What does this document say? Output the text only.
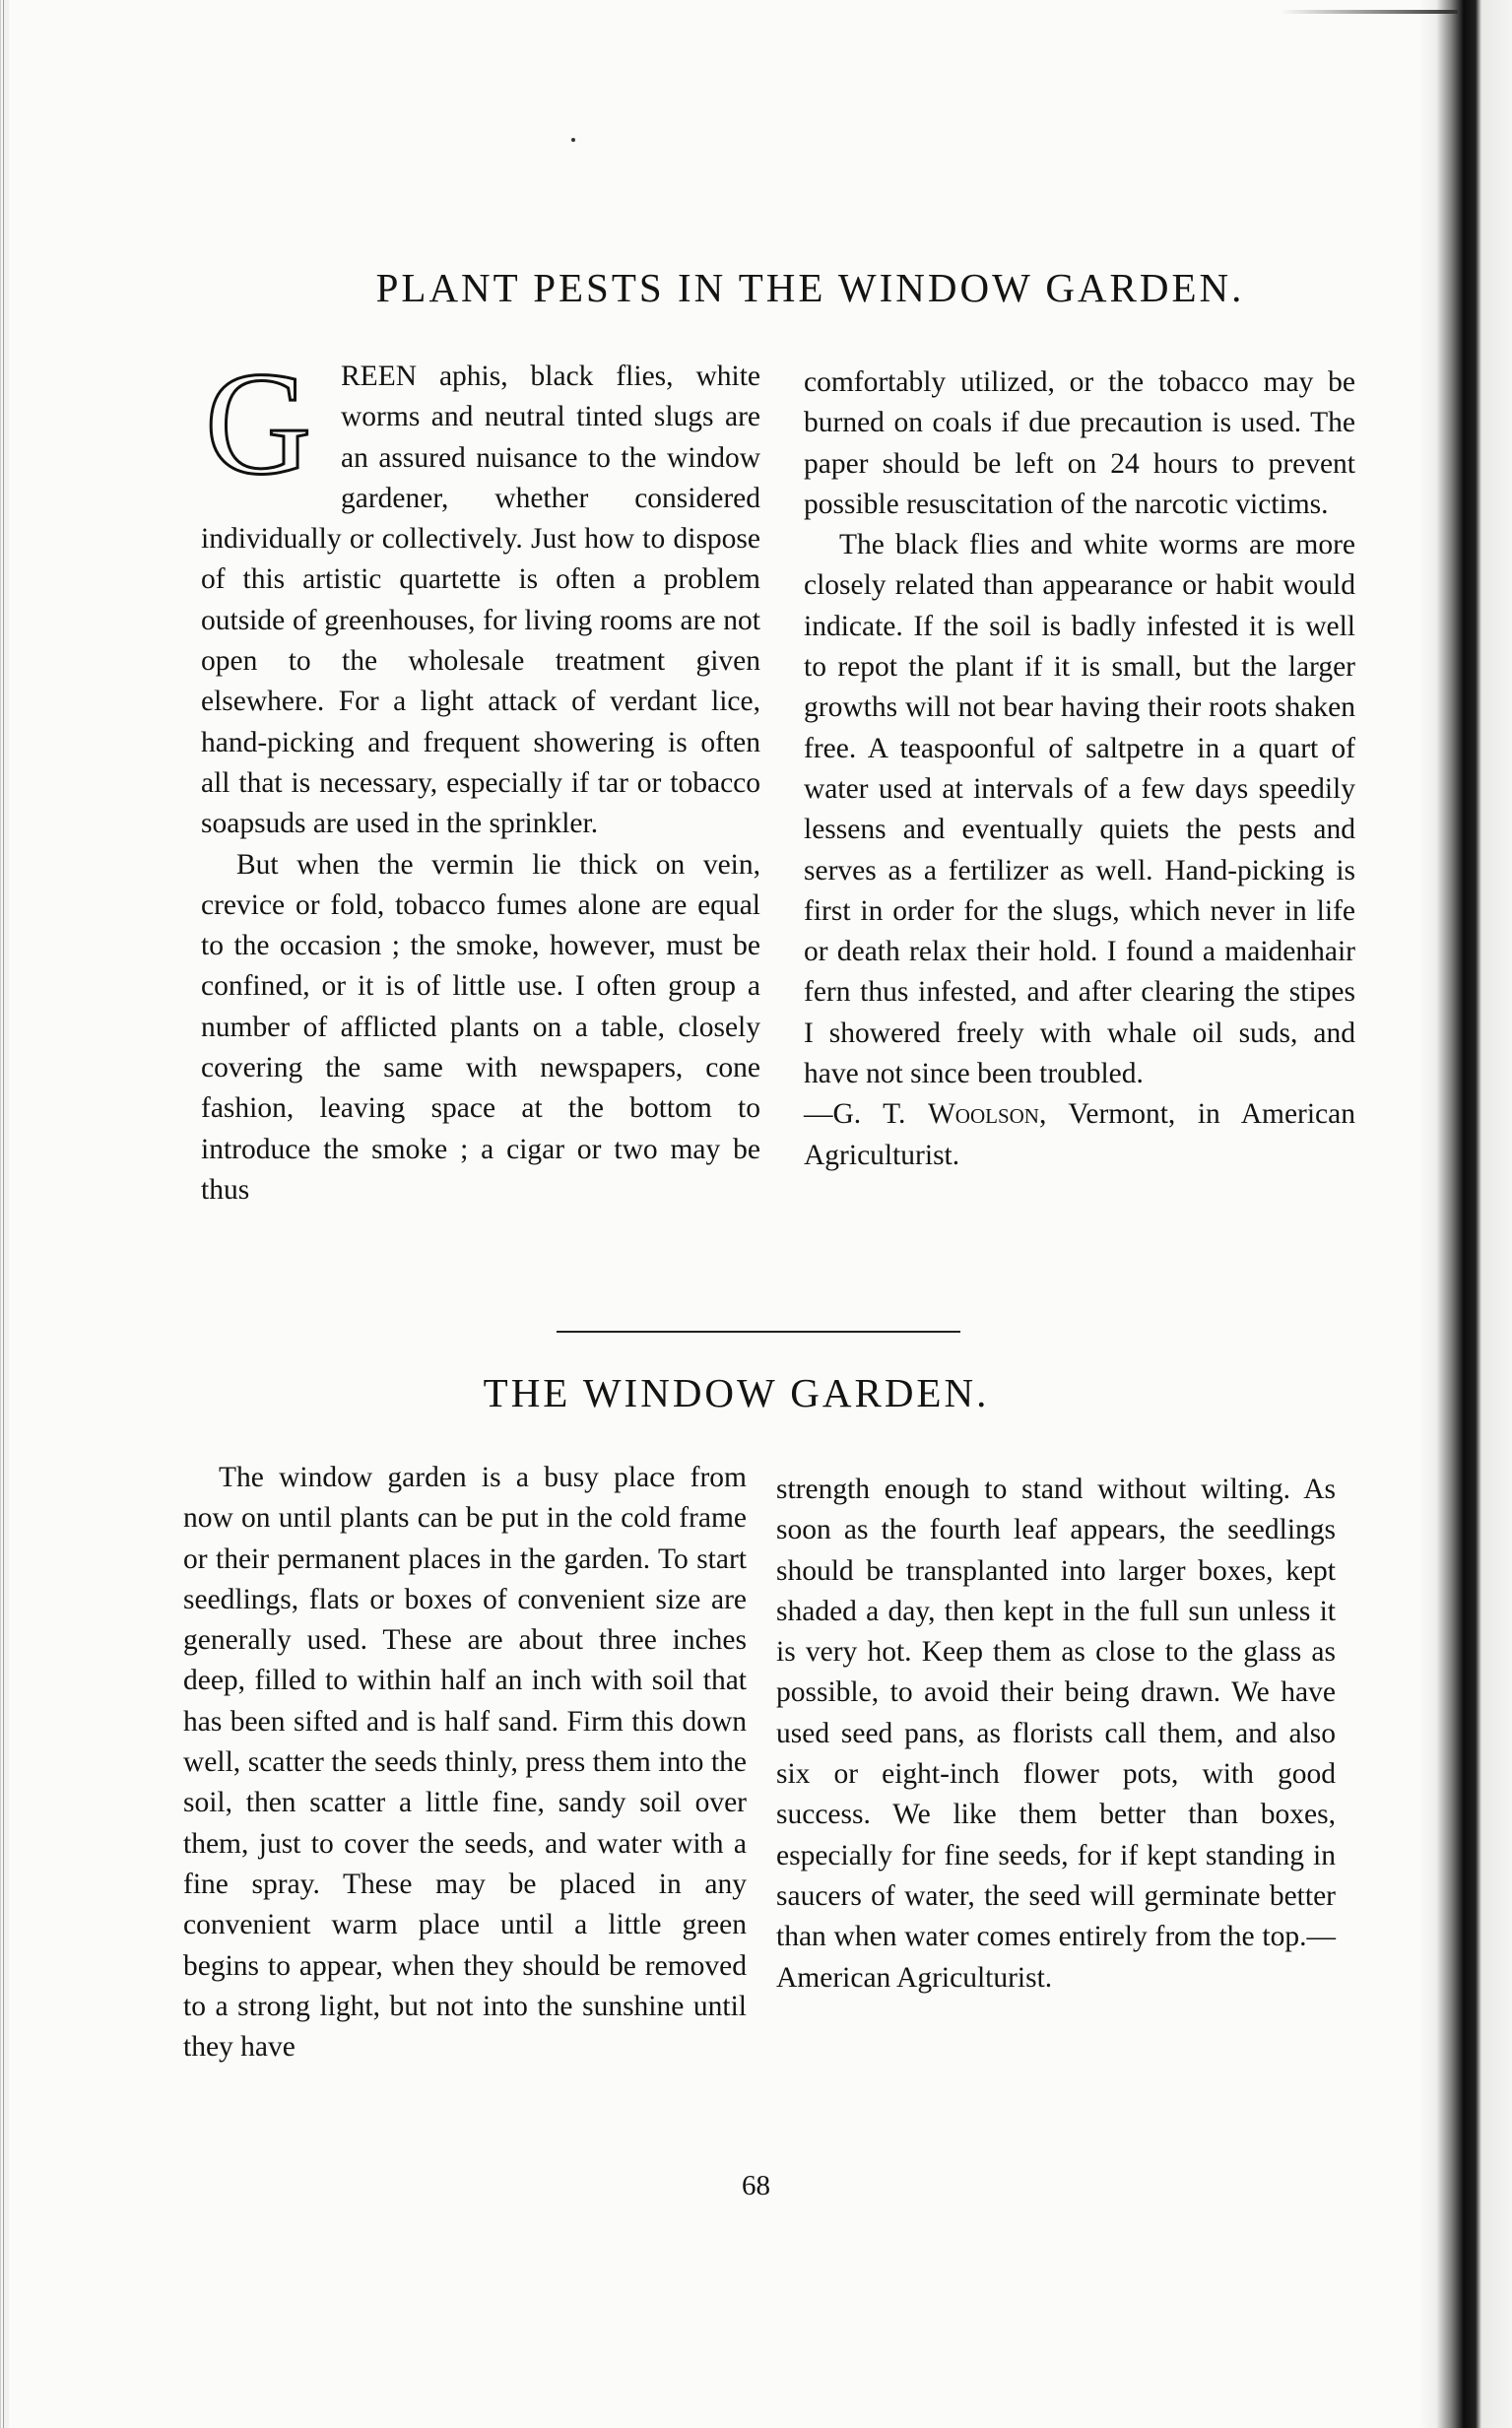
PLANT PESTS IN THE WINDOW GARDEN.
G	REEN aphis, black flies, white worms and neutral tinted slugs are an assured nuisance to the window gardener, whether considered individually or collectively. Just how to dispose of this artistic quartette is often a problem outside of greenhouses, for living rooms are not open to the wholesale treatment given elsewhere. For a light attack of verdant lice, hand-picking and frequent showering is often all that is necessary, especially if tar or tobacco soapsuds are used in the sprinkler.

But when the vermin lie thick on vein, crevice or fold, tobacco fumes alone are equal to the occasion ; the smoke, however, must be confined, or it is of little use. I often group a number of afflicted plants on a table, closely covering the same with newspapers, cone fashion, leaving space at the bottom to introduce the smoke ; a cigar or two may be thus

comfortably utilized, or the tobacco may be burned on coals if due precaution is used. The paper should be left on 24 hours to prevent possible resuscitation of the narcotic victims.

The black flies and white worms are more closely related than appearance or habit would indicate. If the soil is badly infested it is well to repot the plant if it is small, but the larger growths will not bear having their roots shaken free. A teaspoonful of saltpetre in a quart of water used at intervals of a few days speedily lessens and eventually quiets the pests and serves as a fertilizer as well. Hand-picking is first in order for the slugs, which never in life or death relax their hold. I found a maidenhair fern thus infested, and after clearing the stipes I showered freely with whale oil suds, and have not since been troubled.
—G. T. Woolson, Vermont, in American Agriculturist.

THE WINDOW GARDEN.

The window garden is a busy place from now on until plants can be put in the cold frame or their permanent places in the garden. To start seedlings, flats or boxes of convenient size are generally used. These are about three inches deep, filled to within half an inch with soil that has been sifted and is half sand. Firm this down well, scatter the seeds thinly, press them into the soil, then scatter a little fine, sandy soil over them, just to cover the seeds, and water with a fine spray. These may be placed in any convenient warm place until a little green begins to appear, when they should be removed to a strong light, but not into the sunshine until they have

strength enough to stand without wilting. As soon as the fourth leaf appears, the seedlings should be transplanted into larger boxes, kept shaded a day, then kept in the full sun unless it is very hot. Keep them as close to the glass as possible, to avoid their being drawn. We have used seed pans, as florists call them, and also six or eight-inch flower pots, with good success. We like them better than boxes, especially for fine seeds, for if kept standing in saucers of water, the seed will germinate better than when water comes entirely from the top.—American Agriculturist.

68
